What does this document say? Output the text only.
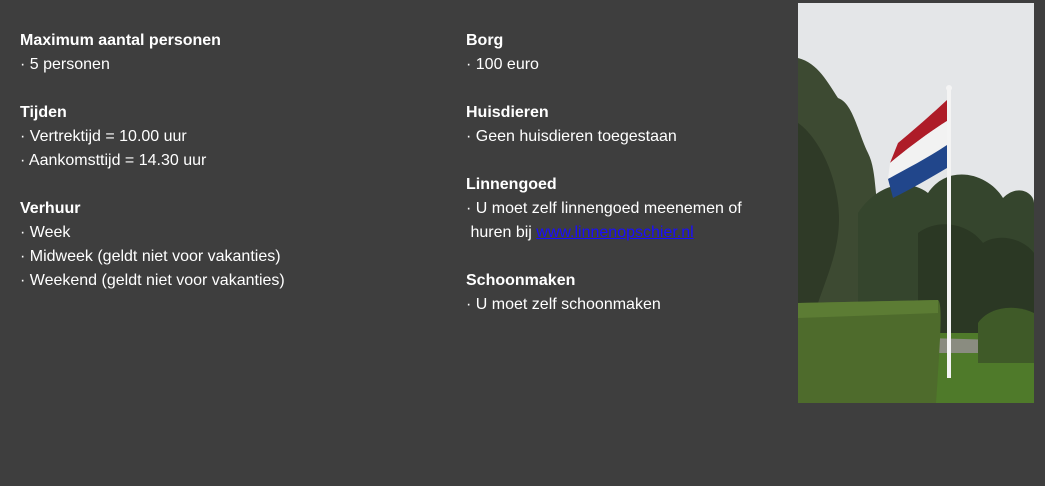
Maximum aantal personen
· 5 personen
Tijden
· Vertrektijd = 10.00 uur
· Aankomsttijd = 14.30 uur
Verhuur
· Week
· Midweek (geldt niet voor vakanties)
· Weekend (geldt niet voor vakanties)
Borg
· 100 euro
Huisdieren
· Geen huisdieren toegestaan
Linnengoed
· U moet zelf linnengoed meenemen of
huren bij www.linnenopschier.nl
Schoonmaken
· U moet zelf schoonmaken
